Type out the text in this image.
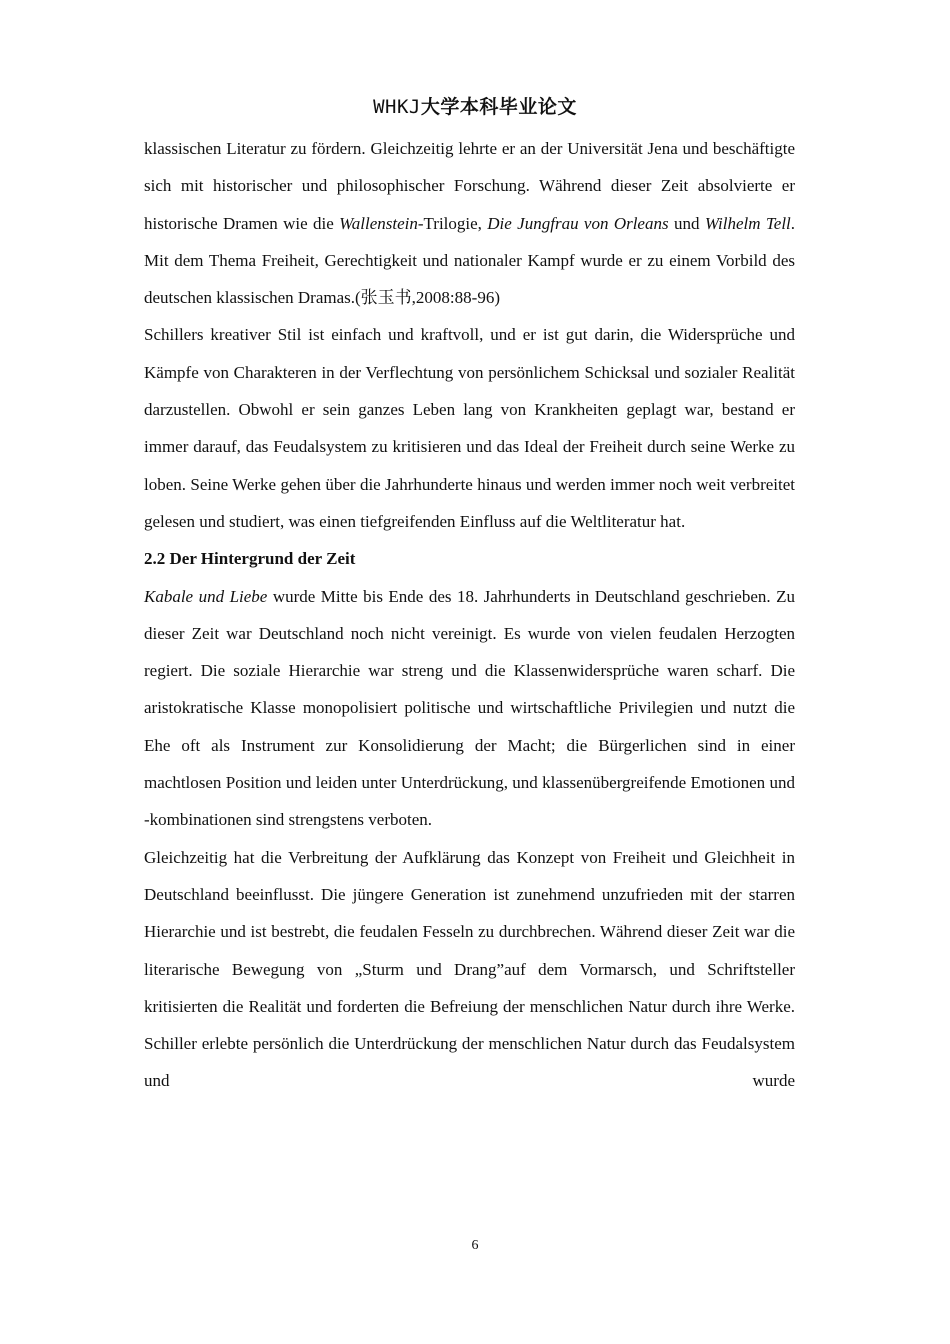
WHKJ大学本科毕业论文

klassischen Literatur zu fördern. Gleichzeitig lehrte er an der Universität Jena und beschäftigte sich mit historischer und philosophischer Forschung. Während dieser Zeit absolvierte er historische Dramen wie die Wallenstein-Trilogie, Die Jungfrau von Orleans und Wilhelm Tell. Mit dem Thema Freiheit, Gerechtigkeit und nationaler Kampf wurde er zu einem Vorbild des deutschen klassischen Dramas.(张玉书,2008:88-96)

Schillers kreativer Stil ist einfach und kraftvoll, und er ist gut darin, die Widersprüche und Kämpfe von Charakteren in der Verflechtung von persönlichem Schicksal und sozialer Realität darzustellen. Obwohl er sein ganzes Leben lang von Krankheiten geplagt war, bestand er immer darauf, das Feudalsystem zu kritisieren und das Ideal der Freiheit durch seine Werke zu loben. Seine Werke gehen über die Jahrhunderte hinaus und werden immer noch weit verbreitet gelesen und studiert, was einen tiefgreifenden Einfluss auf die Weltliteratur hat.

2.2 Der Hintergrund der Zeit

Kabale und Liebe wurde Mitte bis Ende des 18. Jahrhunderts in Deutschland geschrieben. Zu dieser Zeit war Deutschland noch nicht vereinigt. Es wurde von vielen feudalen Herzogten regiert. Die soziale Hierarchie war streng und die Klassenwidersprüche waren scharf. Die aristokratische Klasse monopolisiert politische und wirtschaftliche Privilegien und nutzt die Ehe oft als Instrument zur Konsolidierung der Macht; die Bürgerlichen sind in einer machtlosen Position und leiden unter Unterdrückung, und klassenübergreifende Emotionen und -kombinationen sind strengstens verboten.

Gleichzeitig hat die Verbreitung der Aufklärung das Konzept von Freiheit und Gleichheit in Deutschland beeinflusst. Die jüngere Generation ist zunehmend unzufrieden mit der starren Hierarchie und ist bestrebt, die feudalen Fesseln zu durchbrechen. Während dieser Zeit war die literarische Bewegung von „Sturm und Drang”auf dem Vormarsch, und Schriftsteller kritisierten die Realität und forderten die Befreiung der menschlichen Natur durch ihre Werke. Schiller erlebte persönlich die Unterdrückung der menschlichen Natur durch das Feudalsystem und wurde

6
